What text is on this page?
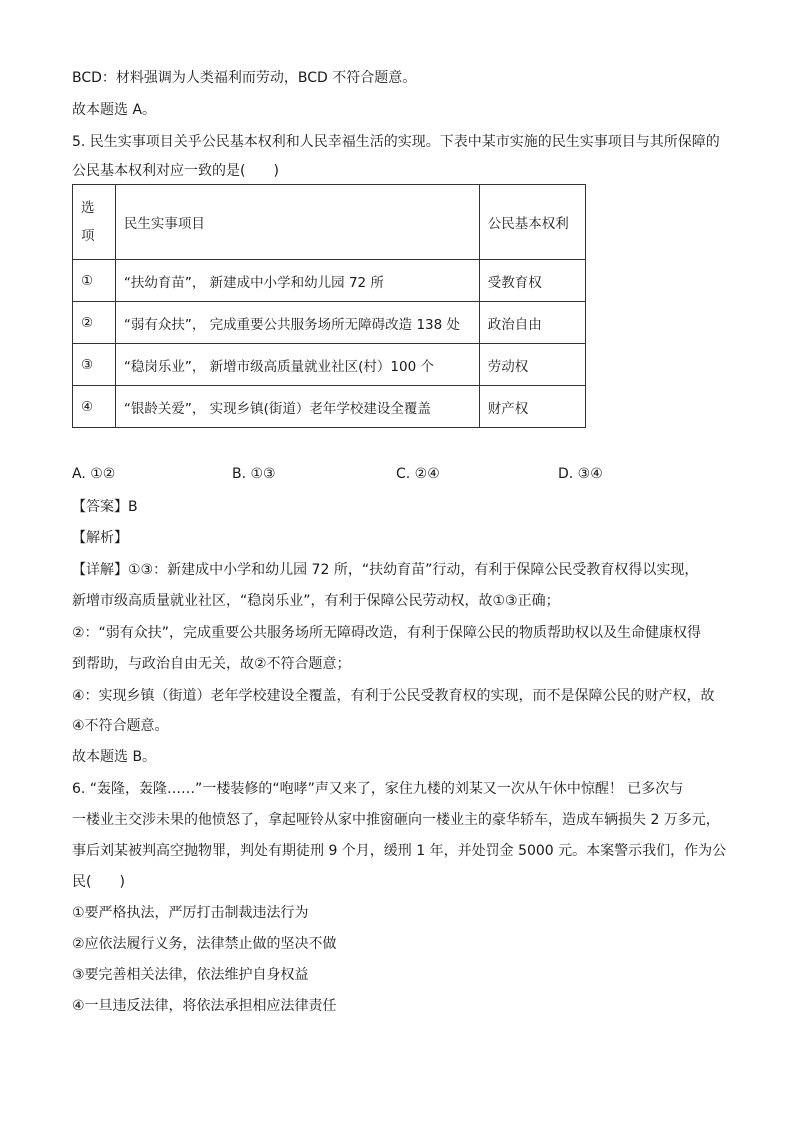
BCD：材料强调为人类福利而劳动，BCD 不符合题意。
故本题选 A。
5. 民生实事项目关乎公民基本权利和人民幸福生活的实现。下表中某市实施的民生实事项目与其所保障的
公民基本权利对应一致的是(　　)
选
项	民生实事项目	公民基本权利
①	“扶幼育苗”， 新建成中小学和幼儿园 72 所	受教育权
②	“弱有众扶”， 完成重要公共服务场所无障碍改造 138 处	政治自由
③	“稳岗乐业”， 新增市级高质量就业社区(村）100 个	劳动权
④	“银龄关爱”， 实现乡镇(街道）老年学校建设全覆盖	财产权
A. ①②	B. ①③	C. ②④	D. ③④
【答案】B
【解析】
【详解】①③：新建成中小学和幼儿园 72 所，“扶幼育苗”行动，有利于保障公民受教育权得以实现，
新增市级高质量就业社区，“稳岗乐业”，有利于保障公民劳动权，故①③正确；
②：“弱有众扶”，完成重要公共服务场所无障碍改造，有利于保障公民的物质帮助权以及生命健康权得
到帮助，与政治自由无关，故②不符合题意；
④：实现乡镇（街道）老年学校建设全覆盖，有利于公民受教育权的实现，而不是保障公民的财产权，故
④不符合题意。
故本题选 B。
6. “轰隆，轰隆……”一楼装修的“咆哮”声又来了，家住九楼的刘某又一次从午休中惊醒！ 已多次与
一楼业主交涉未果的他愤怒了，拿起哑铃从家中推窗砸向一楼业主的豪华轿车，造成车辆损失 2 万多元，
事后刘某被判高空抛物罪，判处有期徒刑 9 个月，缓刑 1 年，并处罚金 5000 元。本案警示我们，作为公
民(　　)
①要严格执法，严厉打击制裁违法行为
②应依法履行义务，法律禁止做的坚决不做
③要完善相关法律，依法维护自身权益
④一旦违反法律，将依法承担相应法律责任
